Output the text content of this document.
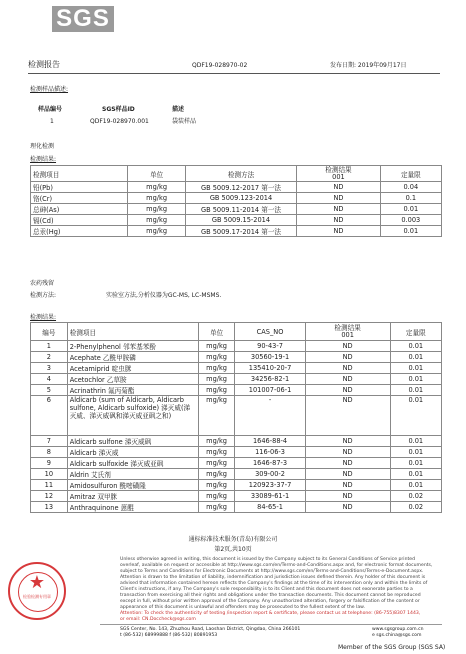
SGS
检测报告	QDF19-028970-02	发布日期: 2019年09月17日
检测样品描述:
样品编号	SGS样品ID	描述
1	QDF19-028970.001	袋装样品
理化检测
检测结果:
检测项目	单位	检测方法	检测结果
001	定量限
铅(Pb)	mg/kg	GB 5009.12-2017 第一法	ND	0.04
铬(Cr)	mg/kg	GB 5009.123-2014	ND	0.1
总砷(As)	mg/kg	GB 5009.11-2014 第一法	ND	0.01
镉(Cd)	mg/kg	GB 5009.15-2014	ND	0.003
总汞(Hg)	mg/kg	GB 5009.17-2014 第一法	ND	0.01
农药残留
检测方法:	实验室方法,分析仪器为GC-MS, LC-MSMS.
检测结果:
编号	检测项目	单位	CAS_NO	检测结果
001	定量限
1	2-Phenylphenol 邻苯基苯酚	mg/kg	90-43-7	ND	0.01
2	Acephate 乙酰甲胺磷	mg/kg	30560-19-1	ND	0.01
3	Acetamiprid 啶虫脒	mg/kg	135410-20-7	ND	0.01
4	Acetochlor 乙草胺	mg/kg	34256-82-1	ND	0.01
5	Acrinathrin 氟丙菊酯	mg/kg	101007-06-1	ND	0.01
6	Aldicarb (sum of Aldicarb, Aldicarb sulfone, Aldicarb sulfoxide) 涕灭威(涕灭威、涕灭威砜和涕灭威亚砜之和)	mg/kg	-	ND	0.01
7	Aldicarb sulfone 涕灭威砜	mg/kg	1646-88-4	ND	0.01
8	Aldicarb 涕灭威	mg/kg	116-06-3	ND	0.01
9	Aldicarb sulfoxide 涕灭威亚砜	mg/kg	1646-87-3	ND	0.01
10	Aldrin 艾氏剂	mg/kg	309-00-2	ND	0.01
11	Amidosulfuron 酰嘧磺隆	mg/kg	120923-37-7	ND	0.01
12	Amitraz 双甲脒	mg/kg	33089-61-1	ND	0.02
13	Anthraquinone 蒽醌	mg/kg	84-65-1	ND	0.02
通标标准技术服务(青岛)有限公司
第2页,共10页
★
检验检测专用章
Unless otherwise agreed in writing, this document is issued by the Company subject to its General Conditions of Service printed
overleaf, available on request or accessible at http://www.sgs.com/en/Terms-and-Conditions.aspx and, for electronic format documents,
subject to Terms and Conditions for Electronic Documents at http://www.sgs.com/en/Terms-and-Conditions/Terms-e-Document.aspx.
Attention is drawn to the limitation of liability, indemnification and jurisdiction issues defined therein. Any holder of this document is
advised that information contained hereon reflects the Company's findings at the time of its intervention only and within the limits of
Client's instructions, if any. The Company's sole responsibility is to its Client and this document does not exonerate parties to a
transaction from exercising all their rights and obligations under the transaction documents. This document cannot be reproduced
except in full, without prior written approval of the Company. Any unauthorized alteration, forgery or falsification of the content or
appearance of this document is unlawful and offenders may be prosecuted to the fullest extent of the law.
Attention: To check the authenticity of testing /inspection report & certificate, please contact us at telephone: (86-755)8307 1443,
or email: CN.Doccheck@sgs.com
SGS Center, No. 143, Zhuzhou Road, Laoshan District, Qingdao, China 266101
t (86-532) 68999888 f (86-532) 80891953
www.sgsgroup.com.cn
e sgs.china@sgs.com
Member of the SGS Group (SGS SA)
